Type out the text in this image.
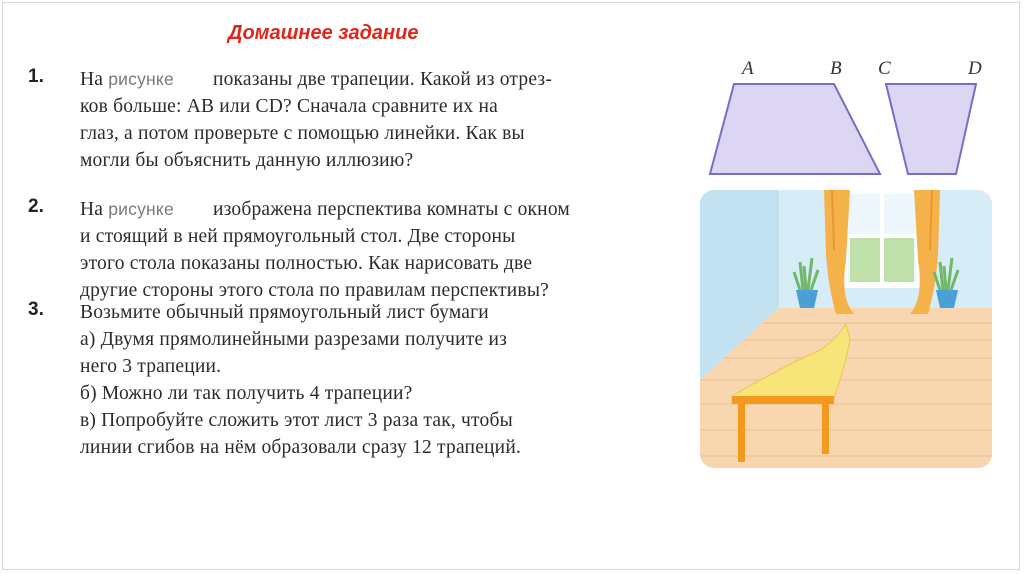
Домашнее задание
1. На рисунке показаны две трапеции. Какой из отрез-
ков больше: AB или CD? Сначала сравните их на
глаз, а потом проверьте с помощью линейки. Как вы
могли бы объяснить данную иллюзию?
2. На рисунке изображена перспектива комнаты с окном
и стоящий в ней прямоугольный стол. Две стороны
этого стола показаны полностью. Как нарисовать две
другие стороны этого стола по правилам перспективы?
3. Возьмите обычный прямоугольный лист бумаги
а) Двумя прямолинейными разрезами получите из
него 3 трапеции.
б) Можно ли так получить 4 трапеции?
в) Попробуйте сложить этот лист 3 раза так, чтобы
линии сгибов на нём образовали сразу 12 трапеций.
A	B C	D
